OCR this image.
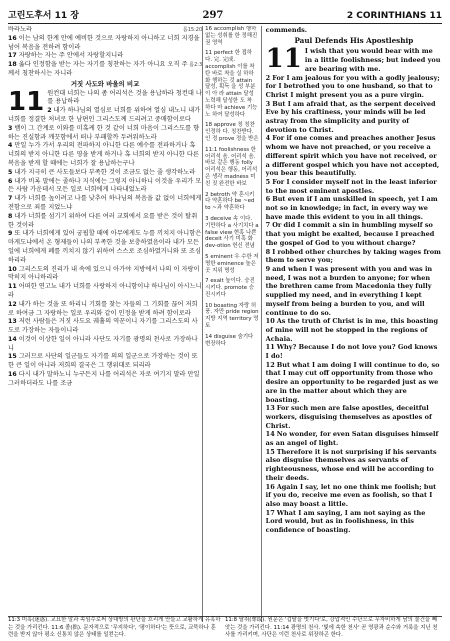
고린도후서 11 장	297	2 CORINTHIANS 11

롬15:20
바라노라

16 이는 남의 한계 안에 예비한 것으로 자랑하지 아니하고 너희 지경을 넘어 복음을 전하려 함이라

17 자랑하는 자는 주 안에서 자랑할지니라

롬2:3
18 옳다 인정함을 받는 자는 자기를 칭찬하는 자가 아니요 오직 주께서 칭찬하시는 자니라

거짓 사도와 바울의 비교

11 원컨대 너희는 나의 좀 어리석은 것을 용납하라 청컨대 나를 용납하라

2 내가 하나님의 열심로 너희를 위하여 열심 내노니 내가 너희를 정결한 처녀로 한 남편인 그리스도께 드리려고 중매함이로다

3 뱀이 그 간계로 이와를 미혹케 한 것 같이 너희 마음이 그리스도를 향하는 진실함과 깨끗함에서 떠나 부패할까 두려워하노라

4 만일 누가 가서 우리의 전파하지 아니한 다른 예수를 전파하거나 혹 너희의 받지 아니한 다른 영을 받게 하거나 혹 너희의 받지 아니한 다른 복음을 받게 할 때에는 너희가 잘 용납하는구나

5 내가 지극히 큰 사도들보다 부족한 것이 조금도 없는 줄 생각하노라

6 내가 비록 말에는 졸하나 지식에는 그렇지 아니하니 이것을 우리가 모든 사람 가운데서 모든 일로 너희에게 나타내었노라

7 내가 너희를 높이려고 나를 낮추어 하나님의 복음을 값 없이 너희에게 전함으로 죄를 지었느냐

8 내가 너희를 섬기기 위하여 다른 여러 교회에서 요를 받은 것이 탈취한 것이라

9 또 내가 너희에게 있어 궁핍할 때에 아무에게도 누를 끼치지 아니함은 마게도냐에서 온 형제들이 나의 부족한 것을 보충하였음이라 내가 모든 일에 너희에게 폐를 끼치지 않기 위하여 스스로 조심하였거니와 또 조심하리라

10 그리스도의 진리가 내 속에 있으니 아가야 지방에서 나의 이 자랑이 막히지 아니하리라

11 어떠한 연고뇨 내가 너희를 사랑하지 아니함이냐 하나님이 아시느니라

12 내가 하는 것을 또 하리니 기회를 찾는 자들의 그 기회를 끊어 저희로 하여금 그 자랑하는 일로 우리와 같이 인정을 받게 하려 함이로라

13 저런 사람들은 거짓 사도요 궤휼의 역꾼이니 자기를 그리스도의 사도로 가장하는 자들이니라

14 이것이 이상한 일이 아니라 사단도 자기를 광명의 천사로 가장하나니

15 그러므로 사단의 일군들도 자기를 의의 일군으로 가장하는 것이 또한 큰 일이 아니라 저희의 결국은 그 행위대로 되리라

16 다시 내가 말하노니 누구든지 나를 어리석은 자로 여기지 말라 만일 그러하더라도 나를 조금

16 accomplish 행하 없는 성취를 한 정해진 권 영역
11 perfect 한 접하다. 完. 完成. accomplish 이를 착 탄 바로 착을 실 하하 화 행하는 것 attain 달성, 획득 을 성 부분이 아 라 attain 달성 노력해 달성한 도 착 하다 마 achieve 기능 노 하여 달성하다
18 approve 칭 칭찬 인정하 다. 칭찬받다. 인 정 prove 정을 받은
11:1 foolishness 한 어리석 음. 어리석 음. 바보 같은 행동 folly 어리석은 행동, 어리석 은 생각 madness 미친 짓 완전한 바보
2 betroth 약 혼시키다 약혼하다 be ~ed to ~과 약혼하다
3 deceive 속 이다. 기만하다 a 사기치다 a false view 현혹 나쁜 deceit 사기 미혹 화 dev-otion 헌신 전념
5 eminent 우 수한 저명한 eminence 높은 곳 지위 명성
7 exalt 높이다. 승진시키다. promote 승 진시키다
10 boasting 자랑 허풍. 자만 pride region 지방 지역 territory 영토
14 disguise 숨기다 변장하다
commends.
Paul Defends His Apostleship

11 I wish that you would bear with me in a little foolishness; but indeed you are bearing with me.

2 For I am jealous for you with a godly jealousy; for I betrothed you to one husband, so that to Christ I might present you as a pure virgin.

3 But I am afraid that, as the serpent deceived Eve by his craftiness, your minds will be led astray from the simplicity and purity of devotion to Christ.

4 For if one comes and preaches another Jesus whom we have not preached, or you receive a different spirit which you have not received, or a different gospel which you have not accepted, you bear this beautifully.

5 For I consider myself not in the least inferior to the most eminent apostles.

6 But even if I am unskilled in speech, yet I am not so in knowledge; in fact, in every way we have made this evident to you in all things.

7 Or did I commit a sin in humbling myself so that you might be exalted, because I preached the gospel of God to you without charge?

8 I robbed other churches by taking wages from them to serve you;

9 and when I was present with you and was in need, I was not a burden to anyone; for when the brethren came from Macedonia they fully supplied my need, and in everything I kept myself from being a burden to you, and will continue to do so.

10 As the truth of Christ is in me, this boasting of mine will not be stopped in the regions of Achaia.

11 Why? Because I do not love you? God knows I do!

12 But what I am doing I will continue to do, so that I may cut off opportunity from those who desire an opportunity to be regarded just as we are in the matter about which they are boasting.

13 For such men are false apostles, deceitful workers, disguising themselves as apostles of Christ.

14 No wonder, for even Satan disguises himself as an angel of light.

15 Therefore it is not surprising if his servants also disguise themselves as servants of righteousness, whose end will be according to their deeds.

16 Again I say, let no one think me foolish; but if you do, receive me even as foolish, so that I also may boast a little.

17 What I am saying, I am not saying as the Lord would, but as in foolishness, in this confidence of boasting.

11:3 미혹(迷惑). 교묘한 말과 속임수로써 상대방의 판단을 흐리게 만들고 교활하게 유혹하는 것을 가리킨다. 11:6 졸(拙). 문자적으로 '무지하다', '평이하다'는 뜻으로, 교묵하나 훈련을 받지 않아 평소 신통치 않은 상태를 일컫는다.
11:8 탈취(奪取). 원문은 '겁탈을 벗기다'로, 강압적인 수단으로 무자비하게 남의 물건을 빼앗는 것을 가리킨다. 11:14 광명의 천사. '빛에 속한 천사' 곧 영광과 순수와 거룩을 지닌 천사를 가리키며, 사단은 이런 천사로 위장하곤 한다.
